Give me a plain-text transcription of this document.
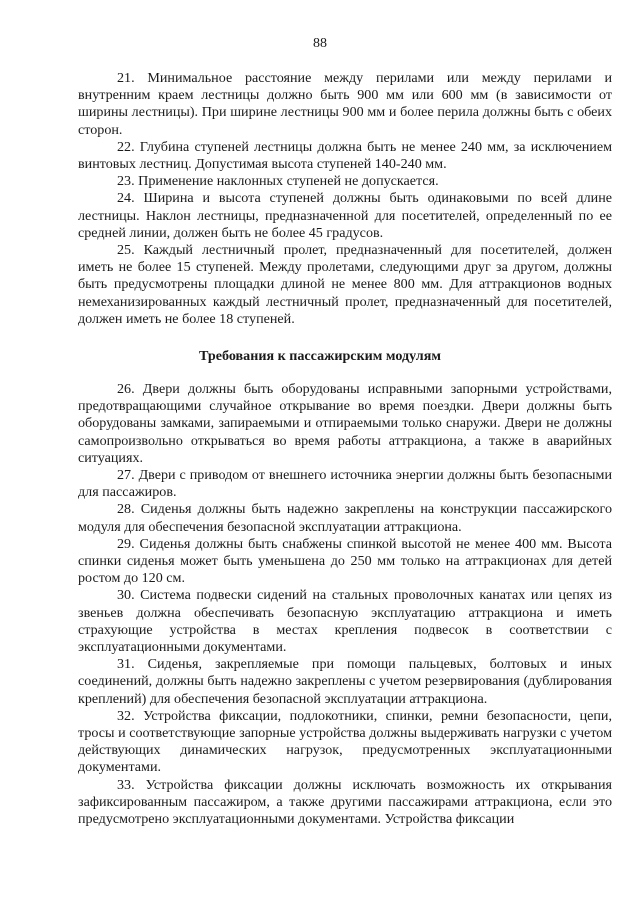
88

21. Минимальное расстояние между перилами или между перилами и внутренним краем лестницы должно быть 900 мм или 600 мм (в зависимости от ширины лестницы). При ширине лестницы 900 мм и более перила должны быть с обеих сторон.

22. Глубина ступеней лестницы должна быть не менее 240 мм, за исключением винтовых лестниц. Допустимая высота ступеней 140-240 мм.

23. Применение наклонных ступеней не допускается.

24. Ширина и высота ступеней должны быть одинаковыми по всей длине лестницы. Наклон лестницы, предназначенной для посетителей, определенный по ее средней линии, должен быть не более 45 градусов.

25. Каждый лестничный пролет, предназначенный для посетителей, должен иметь не более 15 ступеней. Между пролетами, следующими друг за другом, должны быть предусмотрены площадки длиной не менее 800 мм. Для аттракционов водных немеханизированных каждый лестничный пролет, предназначенный для посетителей, должен иметь не более 18 ступеней.

Требования к пассажирским модулям

26. Двери должны быть оборудованы исправными запорными устройствами, предотвращающими случайное открывание во время поездки. Двери должны быть оборудованы замками, запираемыми и отпираемыми только снаружи. Двери не должны самопроизвольно открываться во время работы аттракциона, а также в аварийных ситуациях.

27. Двери с приводом от внешнего источника энергии должны быть безопасными для пассажиров.

28. Сиденья должны быть надежно закреплены на конструкции пассажирского модуля для обеспечения безопасной эксплуатации аттракциона.

29. Сиденья должны быть снабжены спинкой высотой не менее 400 мм. Высота спинки сиденья может быть уменьшена до 250 мм только на аттракционах для детей ростом до 120 см.

30. Система подвески сидений на стальных проволочных канатах или цепях из звеньев должна обеспечивать безопасную эксплуатацию аттракциона и иметь страхующие устройства в местах крепления подвесок в соответствии с эксплуатационными документами.

31. Сиденья, закрепляемые при помощи пальцевых, болтовых и иных соединений, должны быть надежно закреплены с учетом резервирования (дублирования креплений) для обеспечения безопасной эксплуатации аттракциона.

32. Устройства фиксации, подлокотники, спинки, ремни безопасности, цепи, тросы и соответствующие запорные устройства должны выдерживать нагрузки с учетом действующих динамических нагрузок, предусмотренных эксплуатационными документами.

33. Устройства фиксации должны исключать возможность их открывания зафиксированным пассажиром, а также другими пассажирами аттракциона, если это предусмотрено эксплуатационными документами. Устройства фиксации
